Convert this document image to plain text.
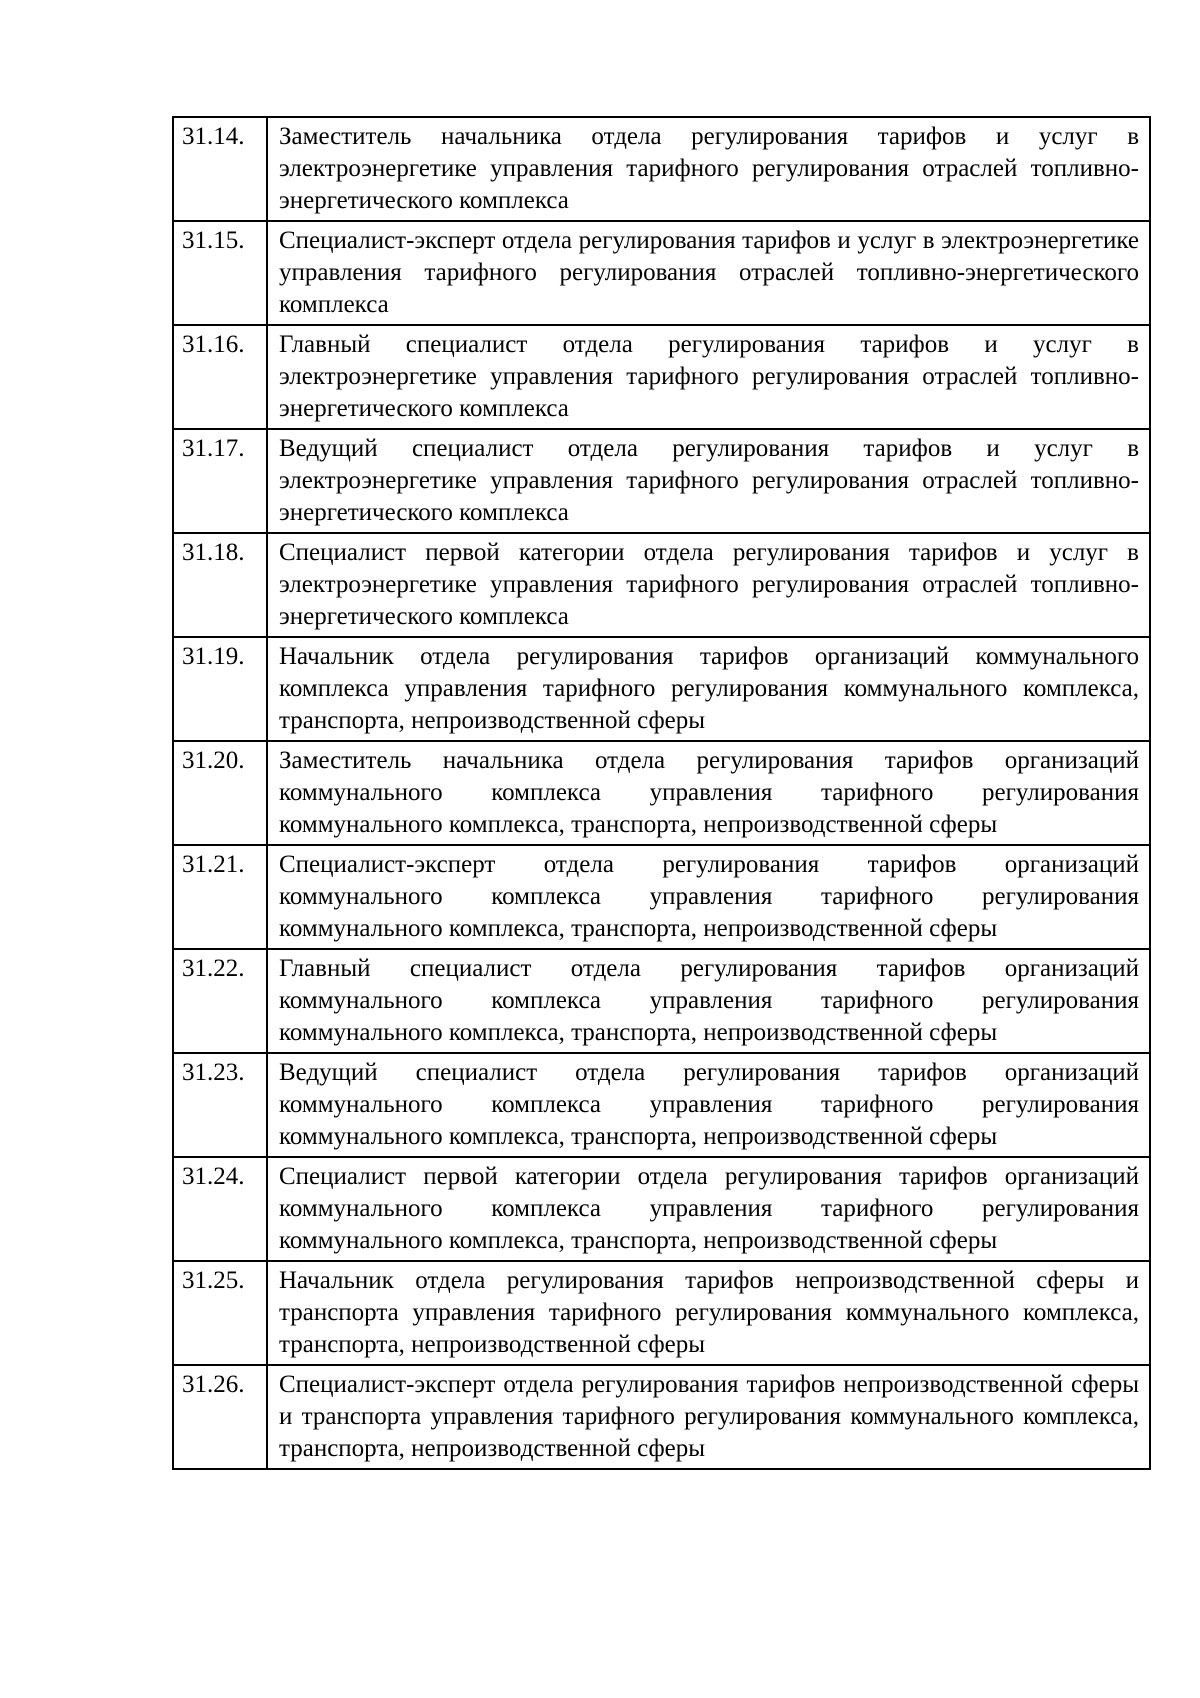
31.14.	Заместитель начальника отдела регулирования тарифов и услуг в электроэнергетике управления тарифного регулирования отраслей топливно-энергетического комплекса
31.15.	Специалист-эксперт отдела регулирования тарифов и услуг в электроэнергетике управления тарифного регулирования отраслей топливно-энергетического комплекса
31.16.	Главный специалист отдела регулирования тарифов и услуг в электроэнергетике управления тарифного регулирования отраслей топливно-энергетического комплекса
31.17.	Ведущий специалист отдела регулирования тарифов и услуг в электроэнергетике управления тарифного регулирования отраслей топливно-энергетического комплекса
31.18.	Специалист первой категории отдела регулирования тарифов и услуг в электроэнергетике управления тарифного регулирования отраслей топливно-энергетического комплекса
31.19.	Начальник отдела регулирования тарифов организаций коммунального комплекса управления тарифного регулирования коммунального комплекса, транспорта, непроизводственной сферы
31.20.	Заместитель начальника отдела регулирования тарифов организаций коммунального комплекса управления тарифного регулирования коммунального комплекса, транспорта, непроизводственной сферы
31.21.	Специалист-эксперт отдела регулирования тарифов организаций коммунального комплекса управления тарифного регулирования коммунального комплекса, транспорта, непроизводственной сферы
31.22.	Главный специалист отдела регулирования тарифов организаций коммунального комплекса управления тарифного регулирования коммунального комплекса, транспорта, непроизводственной сферы
31.23.	Ведущий специалист отдела регулирования тарифов организаций коммунального комплекса управления тарифного регулирования коммунального комплекса, транспорта, непроизводственной сферы
31.24.	Специалист первой категории отдела регулирования тарифов организаций коммунального комплекса управления тарифного регулирования коммунального комплекса, транспорта, непроизводственной сферы
31.25.	Начальник отдела регулирования тарифов непроизводственной сферы и транспорта управления тарифного регулирования коммунального комплекса, транспорта, непроизводственной сферы
31.26.	Специалист-эксперт отдела регулирования тарифов непроизводственной сферы и транспорта управления тарифного регулирования коммунального комплекса, транспорта, непроизводственной сферы
